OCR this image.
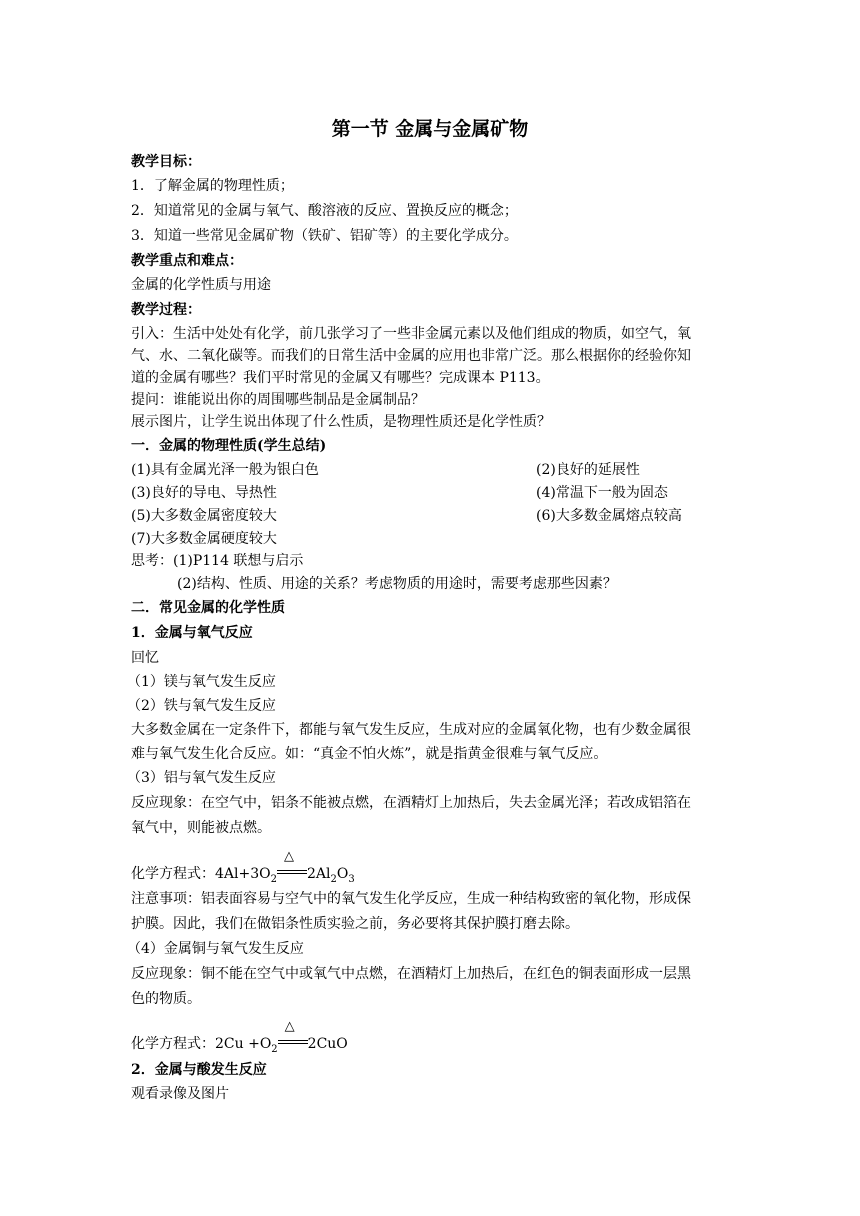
第一节 金属与金属矿物
教学目标：
1．了解金属的物理性质；
2．知道常见的金属与氧气、酸溶液的反应、置换反应的概念；
3．知道一些常见金属矿物（铁矿、铝矿等）的主要化学成分。
教学重点和难点：
金属的化学性质与用途
教学过程：
引入：生活中处处有化学，前几张学习了一些非金属元素以及他们组成的物质，如空气，氧
气、水、二氧化碳等。而我们的日常生活中金属的应用也非常广泛。那么根据你的经验你知
道的金属有哪些？我们平时常见的金属又有哪些？完成课本 P113。
提问：谁能说出你的周围哪些制品是金属制品？
展示图片，让学生说出体现了什么性质，是物理性质还是化学性质？
一．金属的物理性质(学生总结)
(1)具有金属光泽一般为银白色	(2)良好的延展性
(3)良好的导电、导热性	(4)常温下一般为固态
(5)大多数金属密度较大	(6)大多数金属熔点较高
(7)大多数金属硬度较大
思考：(1)P114 联想与启示
(2)结构、性质、用途的关系？考虑物质的用途时，需要考虑那些因素？
二．常见金属的化学性质
1．金属与氧气反应
回忆
（1）镁与氧气发生反应
（2）铁与氧气发生反应
大多数金属在一定条件下，都能与氧气发生反应，生成对应的金属氧化物，也有少数金属很
难与氧气发生化合反应。如：“真金不怕火炼”，就是指黄金很难与氧气反应。
（3）铝与氧气发生反应
反应现象：在空气中，铝条不能被点燃，在酒精灯上加热后，失去金属光泽；若改成铝箔在
氧气中，则能被点燃。
化学方程式：$4Al+3O_2$
△
$2Al_2O_3$
注意事项：铝表面容易与空气中的氧气发生化学反应，生成一种结构致密的氧化物，形成保
护膜。因此，我们在做铝条性质实验之前，务必要将其保护膜打磨去除。
（4）金属铜与氧气发生反应
反应现象：铜不能在空气中或氧气中点燃，在酒精灯上加热后，在红色的铜表面形成一层黑
色的物质。
化学方程式：$2Cu +O_2$
△
2CuO
2．金属与酸发生反应
观看录像及图片
